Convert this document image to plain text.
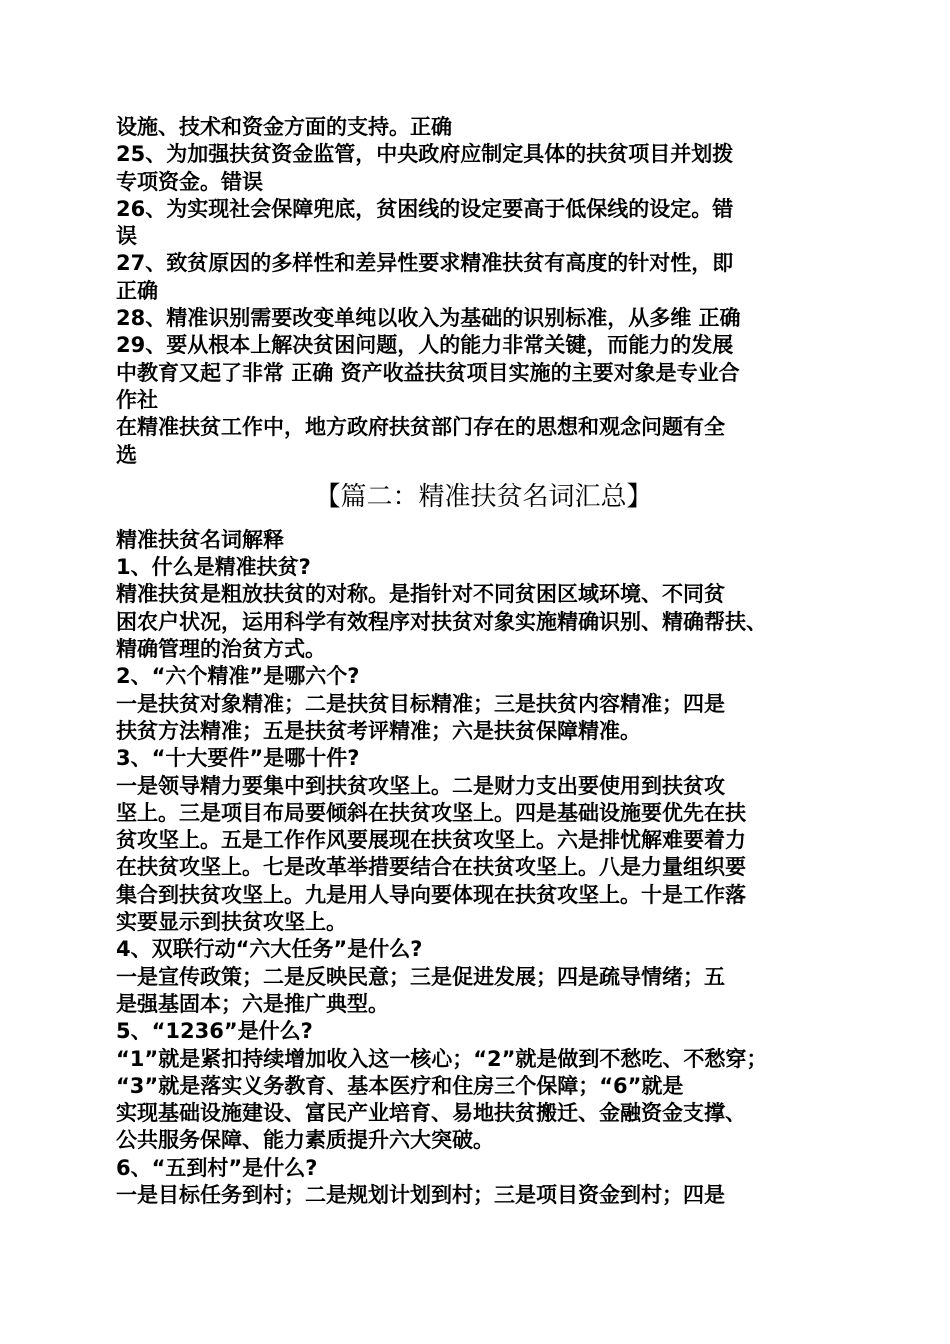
设施、技术和资金方面的支持。正确
25、为加强扶贫资金监管，中央政府应制定具体的扶贫项目并划拨
专项资金。错误
26、为实现社会保障兜底，贫困线的设定要高于低保线的设定。错
误
27、致贫原因的多样性和差异性要求精准扶贫有高度的针对性，即
正确
28、精准识别需要改变单纯以收入为基础的识别标准，从多维 正确
29、要从根本上解决贫困问题，人的能力非常关键，而能力的发展
中教育又起了非常 正确 资产收益扶贫项目实施的主要对象是专业合
作社
在精准扶贫工作中，地方政府扶贫部门存在的思想和观念问题有全
选
【篇二：精准扶贫名词汇总】
精准扶贫名词解释
1、什么是精准扶贫?
精准扶贫是粗放扶贫的对称。是指针对不同贫困区域环境、不同贫
困农户状况，运用科学有效程序对扶贫对象实施精确识别、精确帮扶、
精确管理的治贫方式。
2、“六个精准”是哪六个?
一是扶贫对象精准；二是扶贫目标精准；三是扶贫内容精准；四是
扶贫方法精准；五是扶贫考评精准；六是扶贫保障精准。
3、“十大要件”是哪十件?
一是领导精力要集中到扶贫攻坚上。二是财力支出要使用到扶贫攻
坚上。三是项目布局要倾斜在扶贫攻坚上。四是基础设施要优先在扶
贫攻坚上。五是工作作风要展现在扶贫攻坚上。六是排忧解难要着力
在扶贫攻坚上。七是改革举措要结合在扶贫攻坚上。八是力量组织要
集合到扶贫攻坚上。九是用人导向要体现在扶贫攻坚上。十是工作落
实要显示到扶贫攻坚上。
4、双联行动“六大任务”是什么?
一是宣传政策；二是反映民意；三是促进发展；四是疏导情绪；五
是强基固本；六是推广典型。
5、“1236”是什么?
“1”就是紧扣持续增加收入这一核心；“2”就是做到不愁吃、不愁穿；
“3”就是落实义务教育、基本医疗和住房三个保障；“6”就是
实现基础设施建设、富民产业培育、易地扶贫搬迁、金融资金支撑、
公共服务保障、能力素质提升六大突破。
6、“五到村”是什么?
一是目标任务到村；二是规划计划到村；三是项目资金到村；四是
